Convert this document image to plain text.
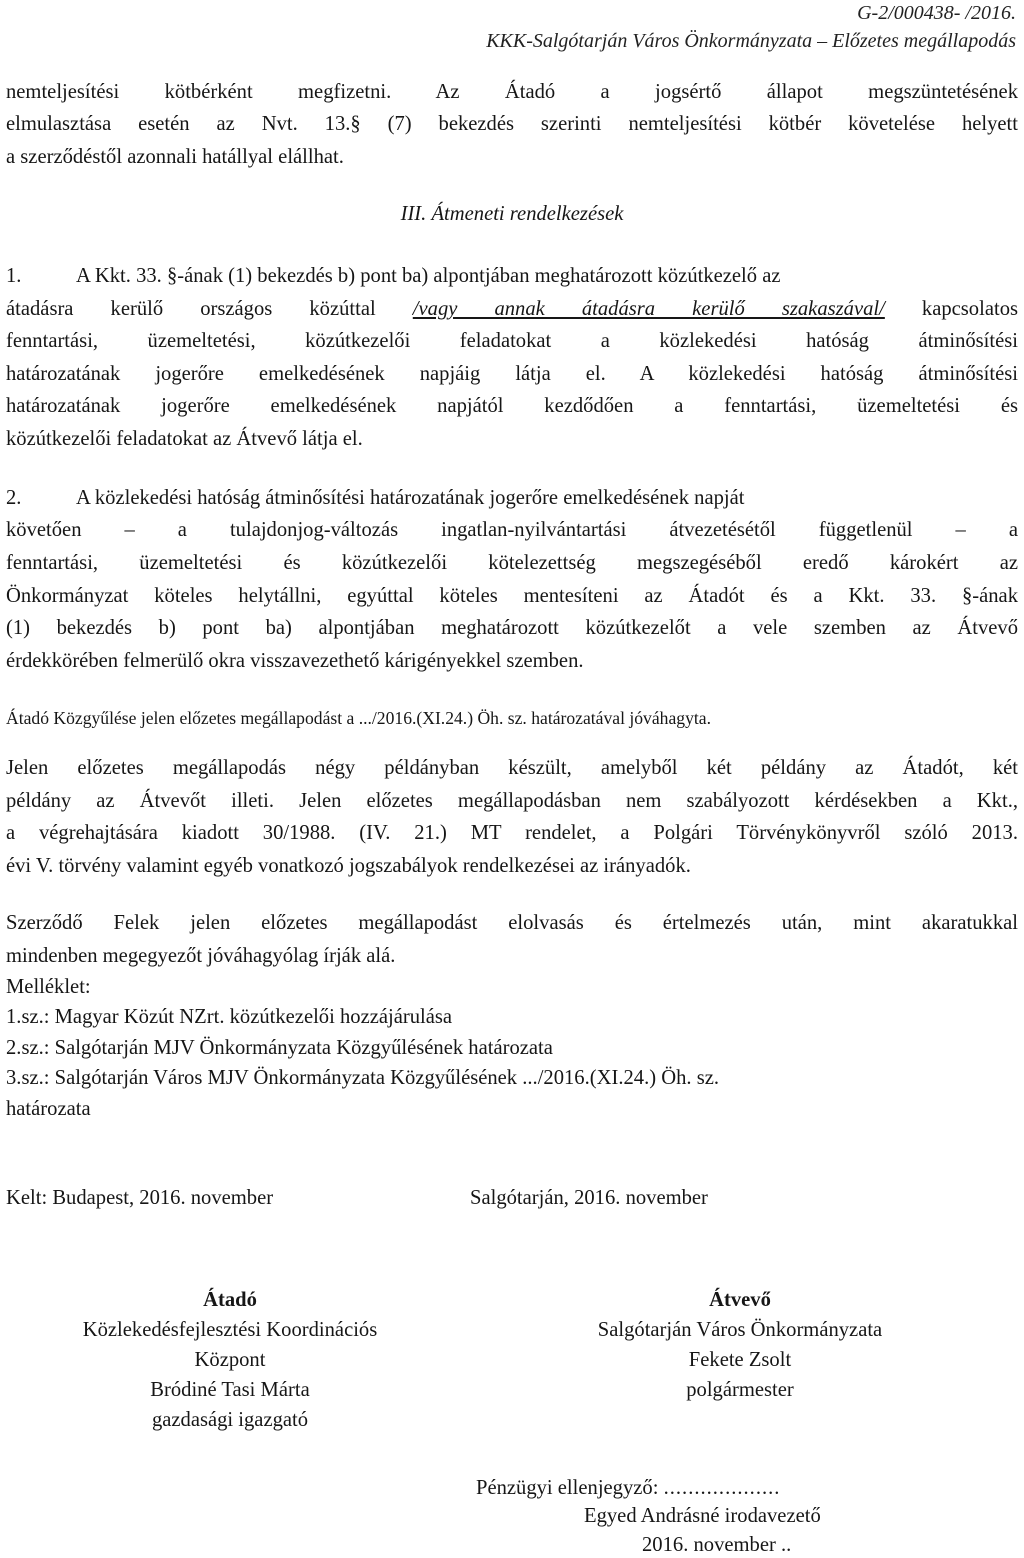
G-2/000438- /2016.
KKK-Salgótarján Város Önkormányzata – Előzetes megállapodás
nemteljesítési kötbérként megfizetni. Az Átadó a jogsértő állapot megszüntetésének
elmulasztása esetén az Nvt. 13.§ (7) bekezdés szerinti nemteljesítési kötbér követelése helyett
a szerződéstől azonnali hatállyal elállhat.
III. Átmeneti rendelkezések
1.	A Kkt. 33. §-ának (1) bekezdés b) pont ba) alpontjában meghatározott közútkezelő az
átadásra kerülő országos közúttal /vagy annak átadásra kerülő szakaszával/ kapcsolatos
fenntartási, üzemeltetési, közútkezelői feladatokat a közlekedési hatóság átminősítési
határozatának jogerőre emelkedésének napjáig látja el. A közlekedési hatóság átminősítési
határozatának jogerőre emelkedésének napjától kezdődően a fenntartási, üzemeltetési és
közútkezelői feladatokat az Átvevő látja el.
2.	A közlekedési hatóság átminősítési határozatának jogerőre emelkedésének napját
követően – a tulajdonjog-változás ingatlan-nyilvántartási átvezetésétől függetlenül – a
fenntartási, üzemeltetési és közútkezelői kötelezettség megszegéséből eredő károkért az
Önkormányzat köteles helytállni, egyúttal köteles mentesíteni az Átadót és a Kkt. 33. §-ának
(1) bekezdés b) pont ba) alpontjában meghatározott közútkezelőt a vele szemben az Átvevő
érdekkörében felmerülő okra visszavezethető kárigényekkel szemben.
Átadó Közgyűlése jelen előzetes megállapodást a .../2016.(XI.24.) Öh. sz. határozatával jóváhagyta.
Jelen előzetes megállapodás négy példányban készült, amelyből két példány az Átadót, két
példány az Átvevőt illeti. Jelen előzetes megállapodásban nem szabályozott kérdésekben a Kkt.,
a végrehajtására kiadott 30/1988. (IV. 21.) MT rendelet, a Polgári Törvénykönyvről szóló 2013.
évi V. törvény valamint egyéb vonatkozó jogszabályok rendelkezései az irányadók.
Szerződő Felek jelen előzetes megállapodást elolvasás és értelmezés után, mint akaratukkal
mindenben megegyezőt jóváhagyólag írják alá.
Melléklet:
1.sz.: Magyar Közút NZrt. közútkezelői hozzájárulása
2.sz.: Salgótarján MJV Önkormányzata Közgyűlésének határozata
3.sz.: Salgótarján Város MJV Önkormányzata Közgyűlésének .../2016.(XI.24.) Öh. sz.
határozata
Kelt: Budapest, 2016. november	Salgótarján, 2016. november
Átadó
Közlekedésfejlesztési Koordinációs
Központ
Bródiné Tasi Márta
gazdasági igazgató
Átvevő
Salgótarján Város Önkormányzata
Fekete Zsolt
polgármester
Pénzügyi ellenjegyző: ...................
Egyed Andrásné irodavezető
2016. november ..
